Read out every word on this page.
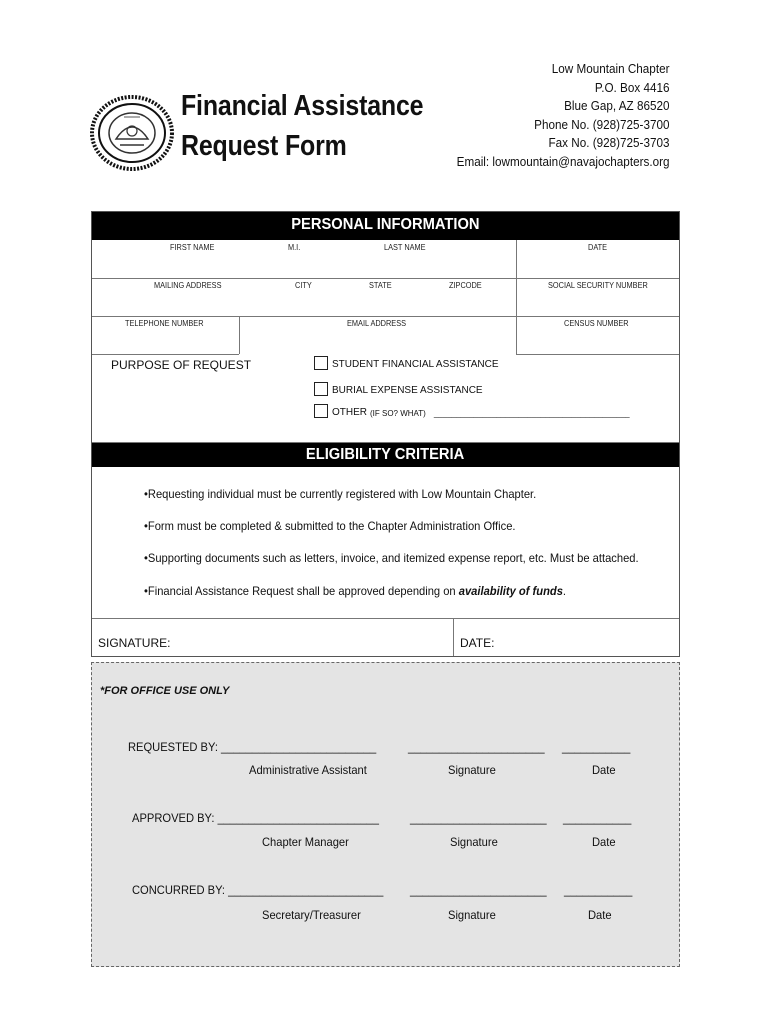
Financial Assistance
Request Form
Low Mountain Chapter
P.O. Box 4416
Blue Gap, AZ 86520
Phone No. (928)725-3700
Fax No. (928)725-3703
Email: lowmountain@navajochapters.org
PERSONAL INFORMATION
FIRST NAME	M.I.	LAST NAME	DATE
MAILING ADDRESS	CITY	STATE	ZIPCODE	SOCIAL SECURITY NUMBER
TELEPHONE NUMBER	EMAIL ADDRESS	CENSUS NUMBER
PURPOSE OF REQUEST	STUDENT FINANCIAL ASSISTANCE
BURIAL EXPENSE ASSISTANCE
OTHER (IF SO? WHAT) ____________________________________________
ELIGIBILITY CRITERIA
•Requesting individual must be currently registered with Low Mountain Chapter.
•Form must be completed & submitted to the Chapter Administration Office.
•Supporting documents such as letters, invoice, and itemized expense report, etc. Must be attached.
•Financial Assistance Request shall be approved depending on availability of funds.
SIGNATURE:	DATE:
*FOR OFFICE USE ONLY
REQUESTED BY: _________________________	______________________ ___________
Administrative Assistant	Signature	Date
APPROVED BY: __________________________	______________________ ___________
Chapter Manager	Signature	Date
CONCURRED BY: _________________________ ______________________ ___________
Secretary/Treasurer	Signature	Date
